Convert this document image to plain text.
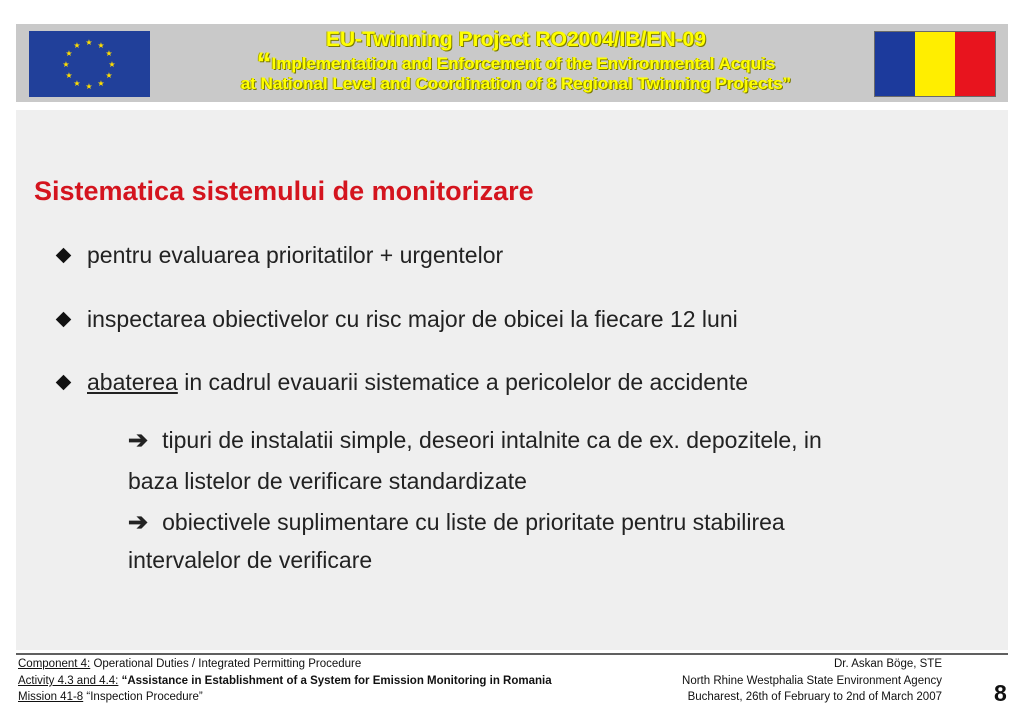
★ ★
★
★
★
★
★
★
★
★
★
★	EU-Twinning Project RO2004/IB/EN-09
“Implementation and Enforcement of the Environmental Acquis
at National Level and Coordination of 8 Regional Twinning Projects”
Sistematica sistemului de monitorizare
pentru evaluarea prioritatilor + urgentelor
inspectarea obiectivelor cu risc major de obicei la fiecare 12 luni
abaterea in cadrul evauarii sistematice a pericolelor de accidente
➔ tipuri de instalatii simple, deseori intalnite ca de ex. depozitele, in
baza listelor de verificare standardizate
➔ obiectivele suplimentare cu liste de prioritate pentru stabilirea
intervalelor de verificare
Component 4: Operational Duties / Integrated Permitting Procedure
Activity 4.3 and 4.4: “Assistance in Establishment of a System for Emission Monitoring in Romania
Mission 41-8 “Inspection Procedure”
Dr. Askan Böge, STE
North Rhine Westphalia State Environment Agency
Bucharest, 26th of February to 2nd of March 2007 8
